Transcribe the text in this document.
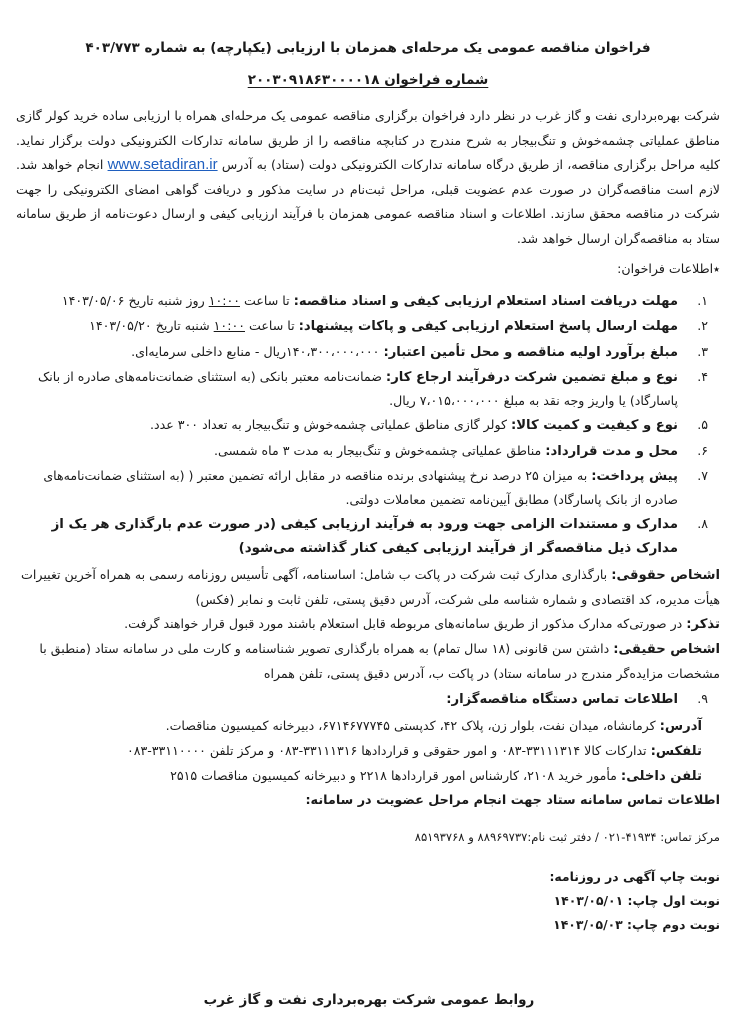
فراخوان مناقصه عمومی یک مرحله‌ای همزمان با ارزیابی (یکپارچه) به شماره ۴۰۳/۷۷۳
شماره فراخوان ۲۰۰۳۰۹۱۸۶۳۰۰۰۰۱۸
شرکت بهره‌برداری نفت و گاز غرب در نظر دارد فراخوان برگزاری مناقصه عمومی یک مرحله‌ای همراه با ارزیابی ساده خرید کولر گازی مناطق عملیاتی چشمه‌خوش و تنگ‌بیجار به شرح مندرج در کتابچه مناقصه را از طریق سامانه تدارکات الکترونیکی دولت برگزار نماید. کلیه مراحل برگزاری مناقصه، از طریق درگاه سامانه تدارکات الکترونیکی دولت (ستاد) به آدرس www.setadiran.ir انجام خواهد شد. لازم است مناقصه‌گران در صورت عدم عضویت قبلی، مراحل ثبت‌نام در سایت مذکور و دریافت گواهی امضای الکترونیکی را جهت شرکت در مناقصه محقق سازند. اطلاعات و اسناد مناقصه عمومی همزمان با فرآیند ارزیابی کیفی و ارسال دعوت‌نامه از طریق سامانه ستاد به مناقصه‌گران ارسال خواهد شد.
٭اطلاعات فراخوان:
۱.
مهلت دریافت اسناد استعلام ارزیابی کیفی و اسناد مناقصه: تا ساعت ۱۰:۰۰ روز شنبه تاریخ ۱۴۰۳/۰۵/۰۶
۲.
مهلت ارسال پاسخ استعلام ارزیابی کیفی و پاکات پیشنهاد: تا ساعت ۱۰:۰۰ شنبه تاریخ ۱۴۰۳/۰۵/۲۰
۳.
مبلغ برآورد اولیه مناقصه و محل تأمین اعتبار: ۱۴۰،۳۰۰،۰۰۰،۰۰۰ریال - منابع داخلی سرمایه‌ای.
۴.
نوع و مبلغ تضمین شرکت درفرآیند ارجاع کار: ضمانت‌نامه معتبر بانکی (به استثنای ضمانت‌نامه‌های صادره از بانک پاسارگاد) یا واریز وجه نقد به مبلغ ۷،۰۱۵،۰۰۰،۰۰۰ ریال.
۵.
نوع و کیفیت و کمیت کالا: کولر گازی مناطق عملیاتی چشمه‌خوش و تنگ‌بیجار به تعداد ۳۰۰ عدد.
۶.
محل و مدت قرارداد: مناطق عملیاتی چشمه‌خوش و تنگ‌بیجار به مدت ۳ ماه شمسی.
۷.
پیش پرداخت: به میزان ۲۵ درصد نرخ پیشنهادی برنده مناقصه در مقابل ارائه تضمین معتبر ( (به استثنای ضمانت‌نامه‌های صادره از بانک پاسارگاد) مطابق آیین‌نامه تضمین معاملات دولتی.
۸.
مدارک و مستندات الزامی جهت ورود به فرآیند ارزیابی کیفی (در صورت عدم بارگذاری هر یک از مدارک ذیل مناقصه‌گر از فرآیند ارزیابی کیفی کنار گذاشته می‌شود)

اشخاص حقوقی: بارگذاری مدارک ثبت شرکت در پاکت ب شامل: اساسنامه، آگهی تأسیس روزنامه رسمی به همراه آخرین تغییرات هیأت مدیره، کد اقتصادی و شماره شناسه ملی شرکت، آدرس دقیق پستی، تلفن ثابت و نمابر (فکس)

تذکر: در صورتی‌که مدارک مذکور از طریق سامانه‌های مربوطه قابل استعلام باشند مورد قبول قرار خواهند گرفت.

اشخاص حقیقی: داشتن سن قانونی (۱۸ سال تمام) به همراه بارگذاری تصویر شناسنامه و کارت ملی در سامانه ستاد (منطبق با مشخصات مزایده‌گر مندرج در سامانه ستاد) در پاکت ب، آدرس دقیق پستی، تلفن همراه

۹.
اطلاعات تماس دستگاه مناقصه‌گزار:

آدرس: کرمانشاه، میدان نفت، بلوار زن، پلاک ۴۲، کدپستی ۶۷۱۴۶۷۷۷۴۵، دبیرخانه کمیسیون مناقصات.

تلفکس: تدارکات کالا ۳۳۱۱۱۳۱۴-۰۸۳ و امور حقوقی و قراردادها ۳۳۱۱۱۳۱۶-۰۸۳ و مرکز تلفن ۳۳۱۱۰۰۰۰-۰۸۳

تلفن داخلی: مأمور خرید ۲۱۰۸، کارشناس امور قراردادها ۲۲۱۸ و دبیرخانه کمیسیون مناقصات ۲۵۱۵

اطلاعات تماس سامانه ستاد جهت انجام مراحل عضویت در سامانه:
مرکز تماس: ۴۱۹۳۴-۰۲۱ / دفتر ثبت نام:۸۸۹۶۹۷۳۷ و ۸۵۱۹۳۷۶۸
نوبت چاپ آگهی در روزنامه:
نوبت اول چاپ: ۱۴۰۳/۰۵/۰۱
نوبت دوم چاپ: ۱۴۰۳/۰۵/۰۳
روابط عمومی شرکت بهره‌برداری نفت و گاز غرب
